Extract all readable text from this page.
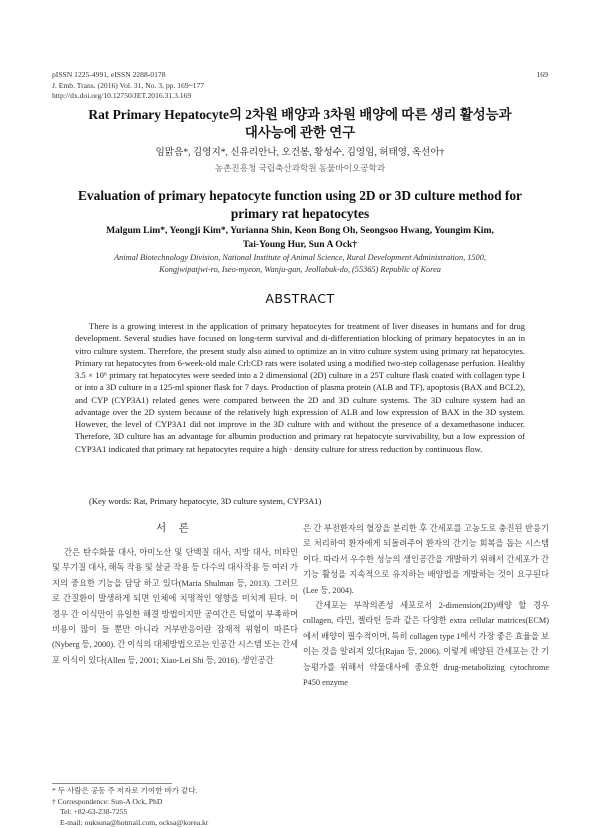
pISSN 1225-4991, eISSN 2288-0178
J. Emb. Trans. (2016) Vol. 31, No. 3, pp. 169~177
http://dx.doi.org/10.12750/JET.2016.31.3.169
169
Rat Primary Hepatocyte의 2차원 배양과 3차원 배양에 따른 생리 활성능과
대사능에 관한 연구
임맑음*, 김영지*, 신유리안나, 오건봉, 황성수, 김영임, 허태영, 옥선아†
농촌진흥청 국립축산과학원 동물바이오공학과
Evaluation of primary hepatocyte function using 2D or 3D culture method for
primary rat hepatocytes
Malgum Lim*, Yeongji Kim*, Yurianna Shin, Keon Bong Oh, Seongsoo Hwang, Youngim Kim,
Tai-Young Hur, Sun A Ock†
Animal Biotechnology Division, National Institute of Animal Science, Rural Development Administration, 1500,
Kongjwipatjwi-ro, Iseo-myeon, Wanju-gun, Jeollabuk-do, (55365) Republic of Korea
ABSTRACT

There is a growing interest in the application of primary hepatocytes for treatment of liver diseases in humans and for drug development. Several studies have focused on long-term survival and di-differentiation blocking of primary hepatocytes in an in vitro culture system. Therefore, the present study also aimed to optimize an in vitro culture system using primary rat hepatocytes. Primary rat hepatocytes from 6-week-old male Crl:CD rats were isolated using a modified two-step collagenase perfusion. Healthy 3.5 × 10⁶ primary rat hepatocytes were seeded into a 2 dimensional (2D) culture in a 25T culture flask coated with collagen type I or into a 3D culture in a 125-ml spinner flask for 7 days. Production of plasma protein (ALB and TF), apoptosis (BAX and BCL2), and CYP (CYP3A1) related genes were compared between the 2D and 3D culture systems. The 3D culture system had an advantage over the 2D system because of the relatively high expression of ALB and low expression of BAX in the 3D system. However, the level of CYP3A1 did not improve in the 3D culture with and without the presence of a dexamethasone inducer. Therefore, 3D culture has an advantage for albumin production and primary rat hepatocyte survivability, but a low expression of CYP3A1 indicated that primary rat hepatocytes require a high · density culture for stress reduction by continuous flow.

(Key words: Rat, Primary hepatocyte, 3D culture system, CYP3A1)

서 론

간은 탄수화물 대사, 아미노산 및 단백질 대사, 지방 대사, 비타민 및 무기질 대사, 해독 작용 및 살균 작용 등 다수의 대사작용 등 여러 가지의 중요한 기능을 담당 하고 있다(Maria Shulman 등, 2013). 그러므로 간질환이 발생하게 되면 인체에 치명적인 영향을 미치게 된다. 이 경우 간 이식만이 유일한 해결 방법이지만 공여간은 턱없이 부족하며 비용이 많이 들 뿐만 아니라 거부반응이란 잠재적 위험이 따른다(Nyberg 등, 2000). 간 이식의 대체방법으로는 인공간 시스템 또는 간세포 이식이 있다(Allen 등, 2001; Xiao-Lei Shi 등, 2016). 생인공간

은 간 부전환자의 혈장을 분리한 후 간세포를 고농도로 충진된 반응기로 처리하여 환자에게 되돌려주어 환자의 간기능 회복을 돕는 시스템이다. 따라서 우수한 성능의 생인공간을 개발하기 위해서 간세포가 간 기능 활성을 지속적으로 유지하는 배양법을 개발하는 것이 요구된다(Lee 등, 2004).

간세포는 부착의존성 세포로서 2-dimension(2D)배양 할 경우 collagen, 라민, 젤라틴 등과 같은 다양한 extra cellular matrices(ECM)에서 배양이 필수적이며, 특히 collagen type 1에서 가장 좋은 효율을 보이는 것을 알려져 있다(Rajan 등, 2006). 이렇게 배양된 간세포는 간 기능평가를 위해서 약물대사에 중요한 drug-metabolizing cytochrome P450 enzyme

* 두 사람은 공동 주 저자로 기여한 바가 같다.
† Correspondence: Sun-A Ock, PhD
Tel: +82-63-238-7255
E-mail: ouksuna@hotmail.com, ocksa@korea.kr
